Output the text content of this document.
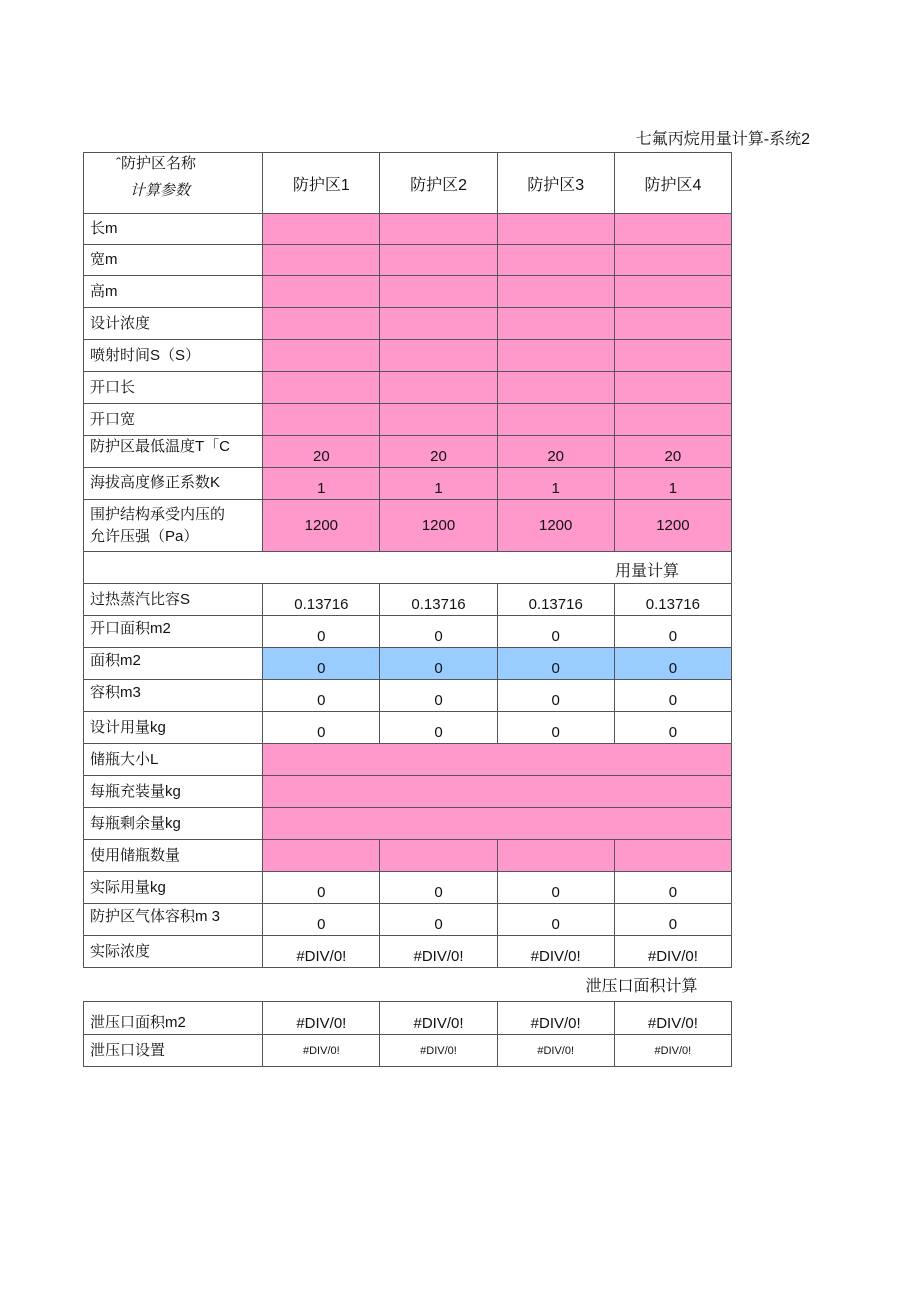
七氟丙烷用量计算-系统2
ˆ防护区名称
计算参数	防护区1	防护区2	防护区3	防护区4
长m				
宽m				
高m				
设计浓度				
喷射时间S（S）				
开口长				
开口宽				
防护区最低温度T「C	20	20	20	20
海拔高度修正系数K	1	1	1	1
围护结构承受内压的
允许压强（Pa）	1200	1200	1200	1200
用量计算				
过热蒸汽比容S	0.13716	0.13716	0.13716	0.13716
开口面积m2	0	0	0	0
面积m2	0	0	0	0
容积m3	0	0	0	0
设计用量kg	0	0	0	0
储瓶大小L				
每瓶充装量kg				
每瓶剩余量kg				
使用储瓶数量				
实际用量kg	0	0	0	0
防护区气体容积m 3	0	0	0	0
实际浓度	#DIV/0!	#DIV/0!	#DIV/0!	#DIV/0!
泄压口面积计算				
泄压口面积m2	#DIV/0!	#DIV/0!	#DIV/0!	#DIV/0!
泄压口设置	#DIV/0!	#DIV/0!	#DIV/0!	#DIV/0!
